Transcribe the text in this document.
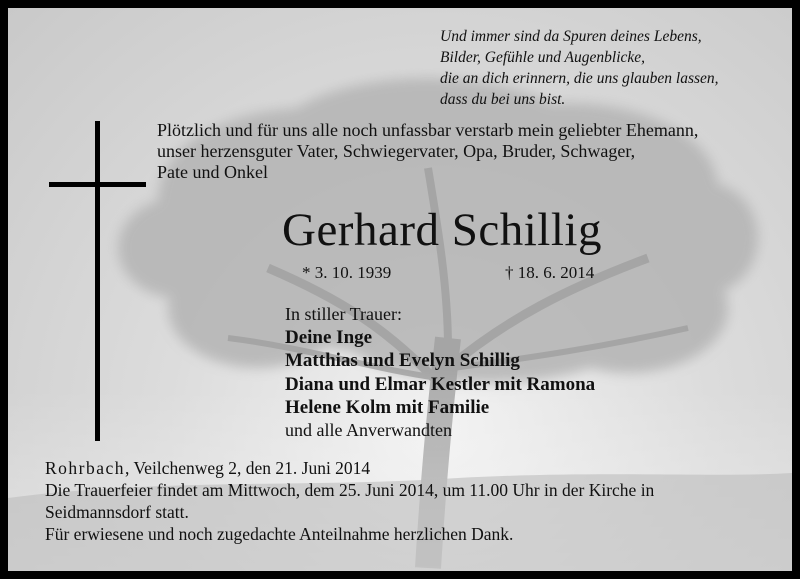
Und immer sind da Spuren deines Lebens,
Bilder, Gefühle und Augenblicke,
die an dich erinnern, die uns glauben lassen,
dass du bei uns bist.
Plötzlich und für uns alle noch unfassbar verstarb mein geliebter Ehemann,
unser herzensguter Vater, Schwiegervater, Opa, Bruder, Schwager,
Pate und Onkel
Gerhard Schillig
* 3. 10. 1939	† 18. 6. 2014
In stiller Trauer:
Deine Inge
Matthias und Evelyn Schillig
Diana und Elmar Kestler mit Ramona
Helene Kolm mit Familie
und alle Anverwandten
Rohrbach, Veilchenweg 2, den 21. Juni 2014
Die Trauerfeier findet am Mittwoch, dem 25. Juni 2014, um 11.00 Uhr in der Kirche in
Seidmannsdorf statt.
Für erwiesene und noch zugedachte Anteilnahme herzlichen Dank.
